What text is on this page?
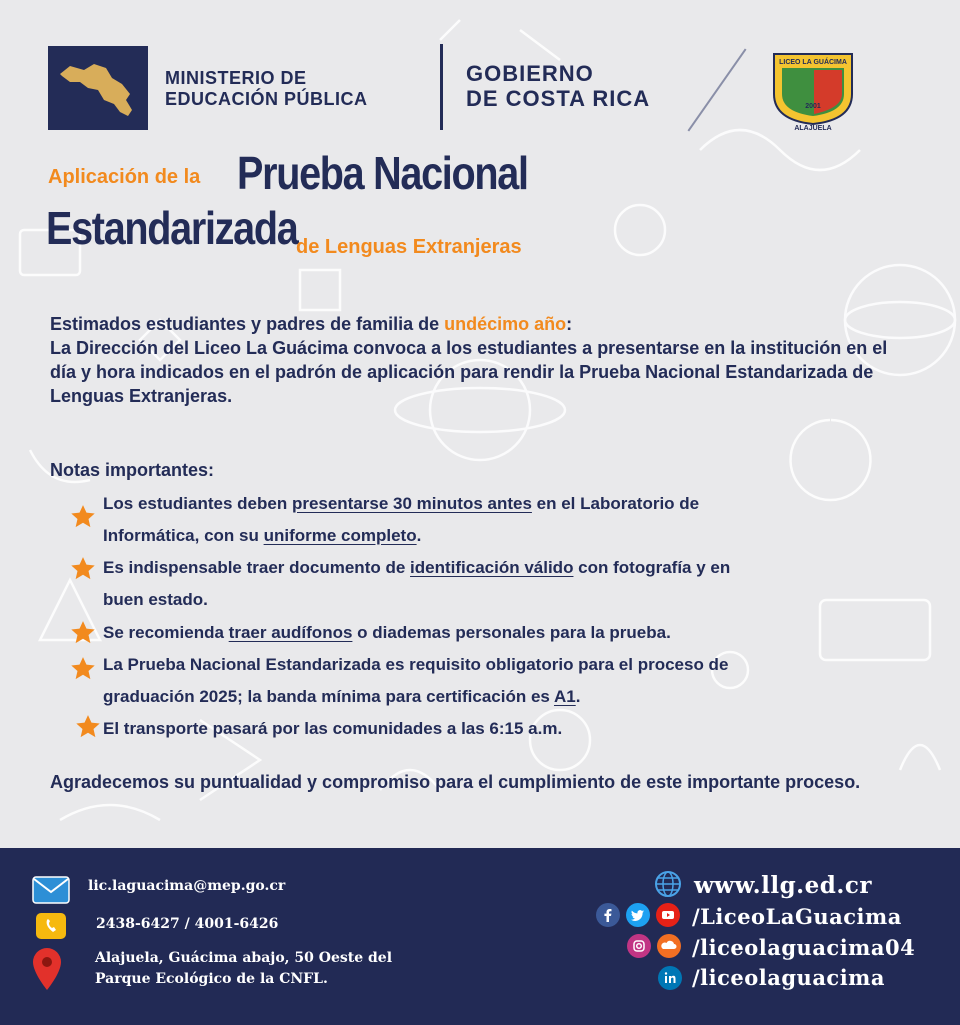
MINISTERIO DE
EDUCACIÓN PÚBLICA
GOBIERNO
DE COSTA RICA
LICEO LA GUÁCIMA
2001
ALAJUELA
Aplicación de la Prueba Nacional
Estandarizada
de Lenguas Extranjeras
Estimados estudiantes y padres de familia de undécimo año:
La Dirección del Liceo La Guácima convoca a los estudiantes a presentarse en la institución en el día y hora indicados en el padrón de aplicación para rendir la Prueba Nacional Estandarizada de Lenguas Extranjeras.
Notas importantes:
Los estudiantes deben presentarse 30 minutos antes en el Laboratorio de
Informática, con su uniforme completo.
Es indispensable traer documento de identificación válido con fotografía y en
buen estado.
Se recomienda traer audífonos o diademas personales para la prueba.
La Prueba Nacional Estandarizada es requisito obligatorio para el proceso de
graduación 2025; la banda mínima para certificación es A1.
El transporte pasará por las comunidades a las 6:15 a.m.
Agradecemos su puntualidad y compromiso para el cumplimiento de este importante proceso.
lic.laguacima@mep.go.cr
2438-6427 / 4001-6426
Alajuela, Guácima abajo, 50 Oeste del
Parque Ecológico de la CNFL.
www.llg.ed.cr
/LiceoLaGuacima
/liceolaguacima04
/liceolaguacima
